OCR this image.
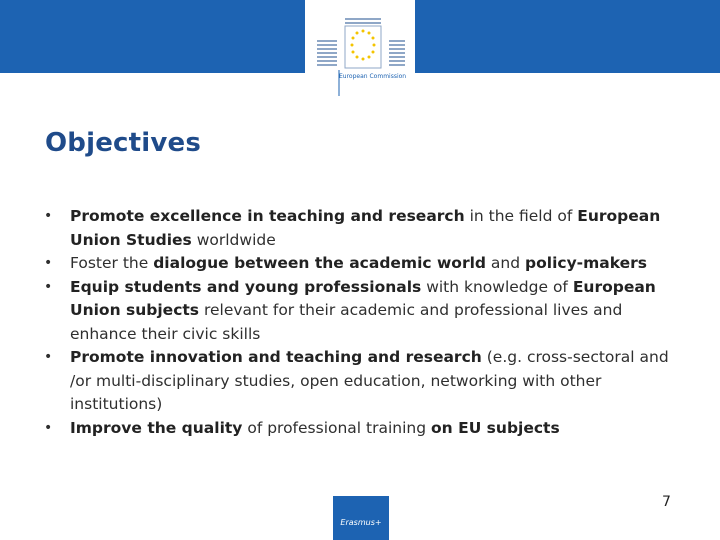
European Commission
Objectives
• Promote excellence in teaching and research in the field of European Union Studies worldwide
• Foster the dialogue between the academic world and policy-makers
• Equip students and young professionals with knowledge of European Union subjects relevant for their academic and professional lives and enhance their civic skills
• Promote innovation and teaching and research (e.g. cross-sectoral and /or multi-disciplinary studies, open education, networking with other institutions)
• Improve the quality of professional training on EU subjects
7
Erasmus+
